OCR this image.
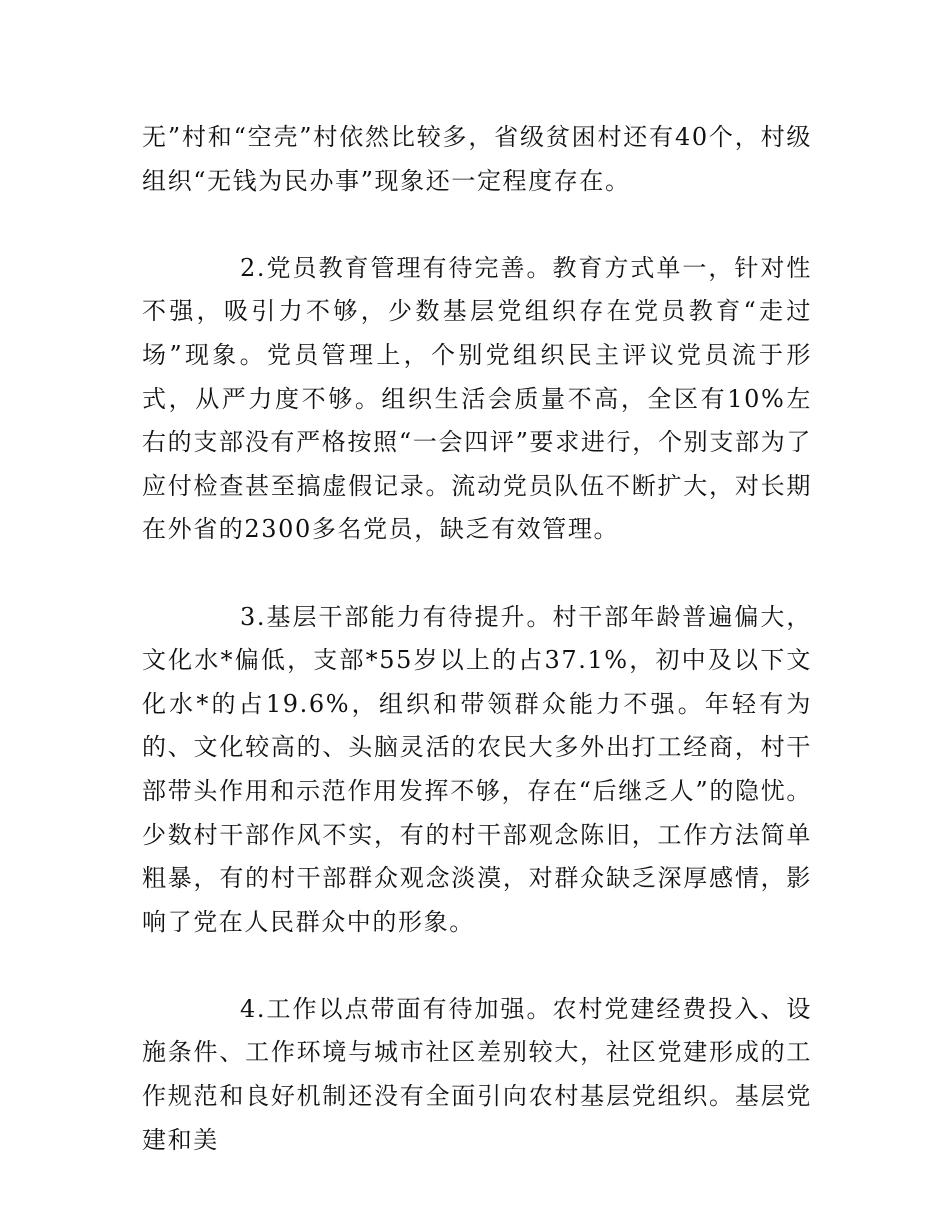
无”村和“空壳”村依然比较多，省级贫困村还有40个，村级组织“无钱为民办事”现象还一定程度存在。

2.党员教育管理有待完善。教育方式单一，针对性不强，吸引力不够，少数基层党组织存在党员教育“走过场”现象。党员管理上，个别党组织民主评议党员流于形式，从严力度不够。组织生活会质量不高，全区有10%左右的支部没有严格按照“一会四评”要求进行，个别支部为了应付检查甚至搞虚假记录。流动党员队伍不断扩大，对长期在外省的2300多名党员，缺乏有效管理。

3.基层干部能力有待提升。村干部年龄普遍偏大，文化水*偏低，支部*55岁以上的占37.1%，初中及以下文化水*的占19.6%，组织和带领群众能力不强。年轻有为的、文化较高的、头脑灵活的农民大多外出打工经商，村干部带头作用和示范作用发挥不够，存在“后继乏人”的隐忧。少数村干部作风不实，有的村干部观念陈旧，工作方法简单粗暴，有的村干部群众观念淡漠，对群众缺乏深厚感情，影响了党在人民群众中的形象。

4.工作以点带面有待加强。农村党建经费投入、设施条件、工作环境与城市社区差别较大，社区党建形成的工作规范和良好机制还没有全面引向农村基层党组织。基层党建和美
